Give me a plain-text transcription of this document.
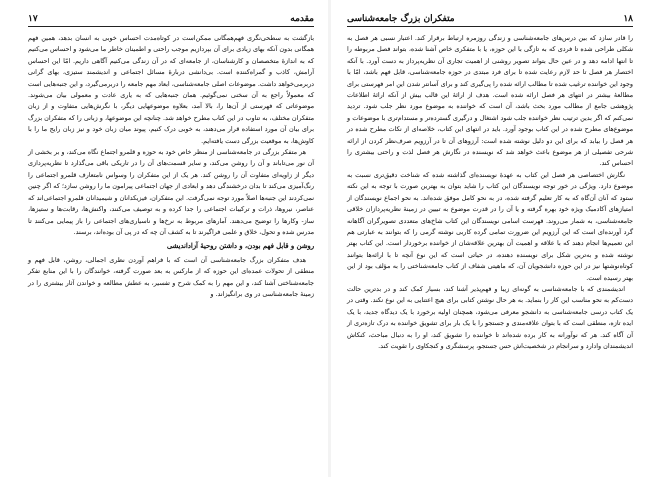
مقدمه
۱۷

بازگشت به سطحی‌نگری فهم‌همگانی ممکن‌است در کوتاه‌مدت احساس خوبی به انسان بدهد، همین فهم همگانی بدون آنکه بهای زیادی برای آن بپردازیم موجب راحتی و اطمینان خاطر ما می‌شود و احساس می‌کنیم که به اندازهٔ متخصصان و کارشناسان، از جامعه‌ای که در آن زندگی می‌کنیم آگاهی داریم. امّا این احساس آرامش، کاذب و گمراه‌کننده است. بی‌دانشی دربارهٔ مسائل اجتماعی و اندیشمند ستیزی، بهای گرانی دربرمی‌خواهد داشت. موضوعات اصلی جامعه‌شناسی، ابعاد مهم جامعه را دربرمی‌گیرد، و این جنبه‌هایی است که معمولاً راجع به آن سخنی نمی‌گوئیم. همان جنبه‌هایی که به یاری عادت و معمولی بیان می‌شوند. موضوعاتی که فهرستی از آن‌ها را، بالا آمد، بعلاوه موضوعهایی دیگر، با نگرش‌هایی متفاوت و از زبان متفکران مختلف، به تناوب در این کتاب مطرح خواهد شد. چنانچه این موضوعها، و زبانی را که متفکران بزرگ برای بیان آن مورد استفاده قرار می‌دهند، به خوبی درک کنیم، پیوند میان زبان خود و نیز زبان رایج ما را با کاوش‌ها، به موقعیت بزرگی دست یافته‌ایم.

هر متفکر بزرگی در جامعه‌شناسی از منظر خاص خود به حوزه و قلمرو اجتماع نگاه می‌کند، و بر بخشی از آن نور می‌تاباند و آن را روشن می‌کند، و سایر قسمت‌های آن را در تاریکی باقی می‌گذارد تا نظریه‌پردازی دیگر از زاویه‌ای متفاوت آن را روشن کند. هر یک از این متفکران را وسواس نامتعارف قلمرو اجتماعی را رنگ‌آمیزی می‌کند تا بدان درخشندگی دهد و ابعادی از جهان اجتماعی پیرامون ما را روشن سازد؛ که اگر چنین نمی‌کردند این جنبه‌ها اصلاً مورد توجه نمی‌گرفت. این متفکران، فیزیکدانان و شیمیدانان قلمرو اجتماعی‌اند که عناصر، نیروها، ذرات و ترکیبات اجتماعی را جدا کرده و به توصیف می‌کنند، واکنش‌ها، رقابت‌ها و ستیزها، ساز- وکارها را توضیح می‌دهند. آمارهای مربوط به نرخ‌ها و ناسیاری‌های اجتماعی را باز پیمایی می‌کنند تا مدرس شده و تحول، خلاق و علمی فراگیرند تا به کشف آن چه که در پی آن بوده‌اند، برسند.

روشن و قابل فهم بودن، و داشتن روحیهٔ آزاداندیشی

هدف متفکران بزرگ جامعه‌شناسی آن است که با فراهم آوردن نظری اجمالی، روشن، قابل فهم و منطقی از تحولات عمده‌ای این حوزه که از مارکس به بعد صورت گرفته، خوانندگان را با این منابع تفکر جامعه‌شناختی آشنا کند، و این مهم را به کمک شرح و تفسیر، به عطش مطالعه و خواندن آثار بیشتری را در زمینهٔ جامعه‌شناسی در وی برانگیزاند. و

۱۸
متفکران بزرگ جامعه‌شناسی

را قادر سازد که بین درس‌های جامعه‌شناسی و زندگی روزمره ارتباط برقرار کند. اعتبار نسبی هر فصل به شکلی طراحی شده تا فردی که به تازگی با این حوزه، یا با متفکری خاص آشنا شده، بتواند فصل مربوطه را تا انتها ادامه دهد و در عین حال بتواند تصویر روشنی از اهمیت تجاری آن نظریه‌پرداز به دست آورد. با آنکه اختصار هر فصل تا حد لازم رعایت شده تا برای فرد مبتدی در حوزه جامعه‌شناسی، قابل فهم باشد، امّا با وجود این خواننده ترغیب شده تا مطالب ارائه شده را پی‌گیری کند و برای آسانتر شدن این امر فهرستی برای مطالعهٔ بیشتر در انتهای هر فصل ارائه شده است. هدف از ارائهٔ این قالب بیش از آنکه ارائهٔ اطلاعات پژوهشی جامع از مطالب مورد بحث باشد، آن است که خواننده به موضوع مورد نظر جلب شود. تردید نمی‌کنم که اگر بدین ترتیب نظر خواننده جلب شود اشتغال و درگیری گسترده‌تر و مستدام‌تری با موضوعات و موضوع‌های مطرح شده در این کتاب بوجود آورد. باید در انتهای این کتاب، خلاصه‌ای از نکات مطرح شده در هر فصل را بیابد که برای این دو دلیل نوشته شده است: آرزوهای آن تا در آرزویم صرف‌نظر کردن از ارائه شرحی تفصیلی از هر موضوع باعث خواهد شد که نویسنده در نگارش هر فصل لذت و راحتی بیشتری را احساس کند.

نگارش اختصاصی هر فصل این کتاب به عهدهٔ نویسنده‌ای گذاشته شده که شناخت دقیق‌تری نسبت به موضوع دارد. ویژگی در خور توجه نویسندگان این کتاب را شاید بتوان به بهترین صورت با توجه به این نکته ستود که آنان آن‌گاه که به کار تعلیم گرفته شده، در به نحو کامل موفق شده‌اند. به نحو اجماع نویسندگان از امتیازهای آکادمیک ویژه خود بهره گرفته و یا آن را در قدرت موضوع به تبیین در زمینهٔ نظریه‌پردازان خلاقی جامعه‌شناسی، به شمار می‌روند. فهرست اسامی نویسندگان این کتاب شاخ‌های متعددی تصویرگران آگاهانه گرد آورنده‌ای است که این آرزویم این ضرورت تمامی گرده کاربی نوشته گرمی را که بتوانند به عبارتی هم این تعمیم‌ها انجام دهند که با علاقه و اهمیت آن بهترین علاقه‌شان از خواننده برخوردار است. این کتاب بهتر نوشته شده و به‌ترین شکل برای نویسنده دهنده، در حیاتی است که این نوع آنچه تا با ارائه‌ها بتوانند کوتاه‌نوشتها نیز در این حوزه دانشجویان آن، که ماهیتی شفاف از کتاب جامعه‌شناختی را به مؤلف بود از این بهتر رسیده است.

اندیشمندی که با جامعه‌شناسی به گونه‌ای زیبا و فهم‌پذیر آشنا کند، بسیار کمک کند و در بدترین حالت دست‌کم به نحو مناسب این کار را بنماید. به هر حال نوشتن کتابی برای هیچ اعتنایی به این نوع نکند. وقتی در یک کتاب درسی جامعه‌شناسی به دانشجو معرفی می‌شود، همچنان اولیه برخورد با یک دیدگاه جدید، با یک ایده تازه، منطقی است که با بتوان علاقه‌مندی و جستجو را با یک بار برای تشویق خواننده به درک تازه‌تری از آن آگاه کند. هر که نوآورانه به کار برده شده‌اند تا خواننده را تشویق کند، او را به دنبال مباحث، کنکاش اندیشمندان وادارد و سرانجام در شخصیت‌اش حس جستجو، پرسشگری و کنجکاوی را تقویت کند.
